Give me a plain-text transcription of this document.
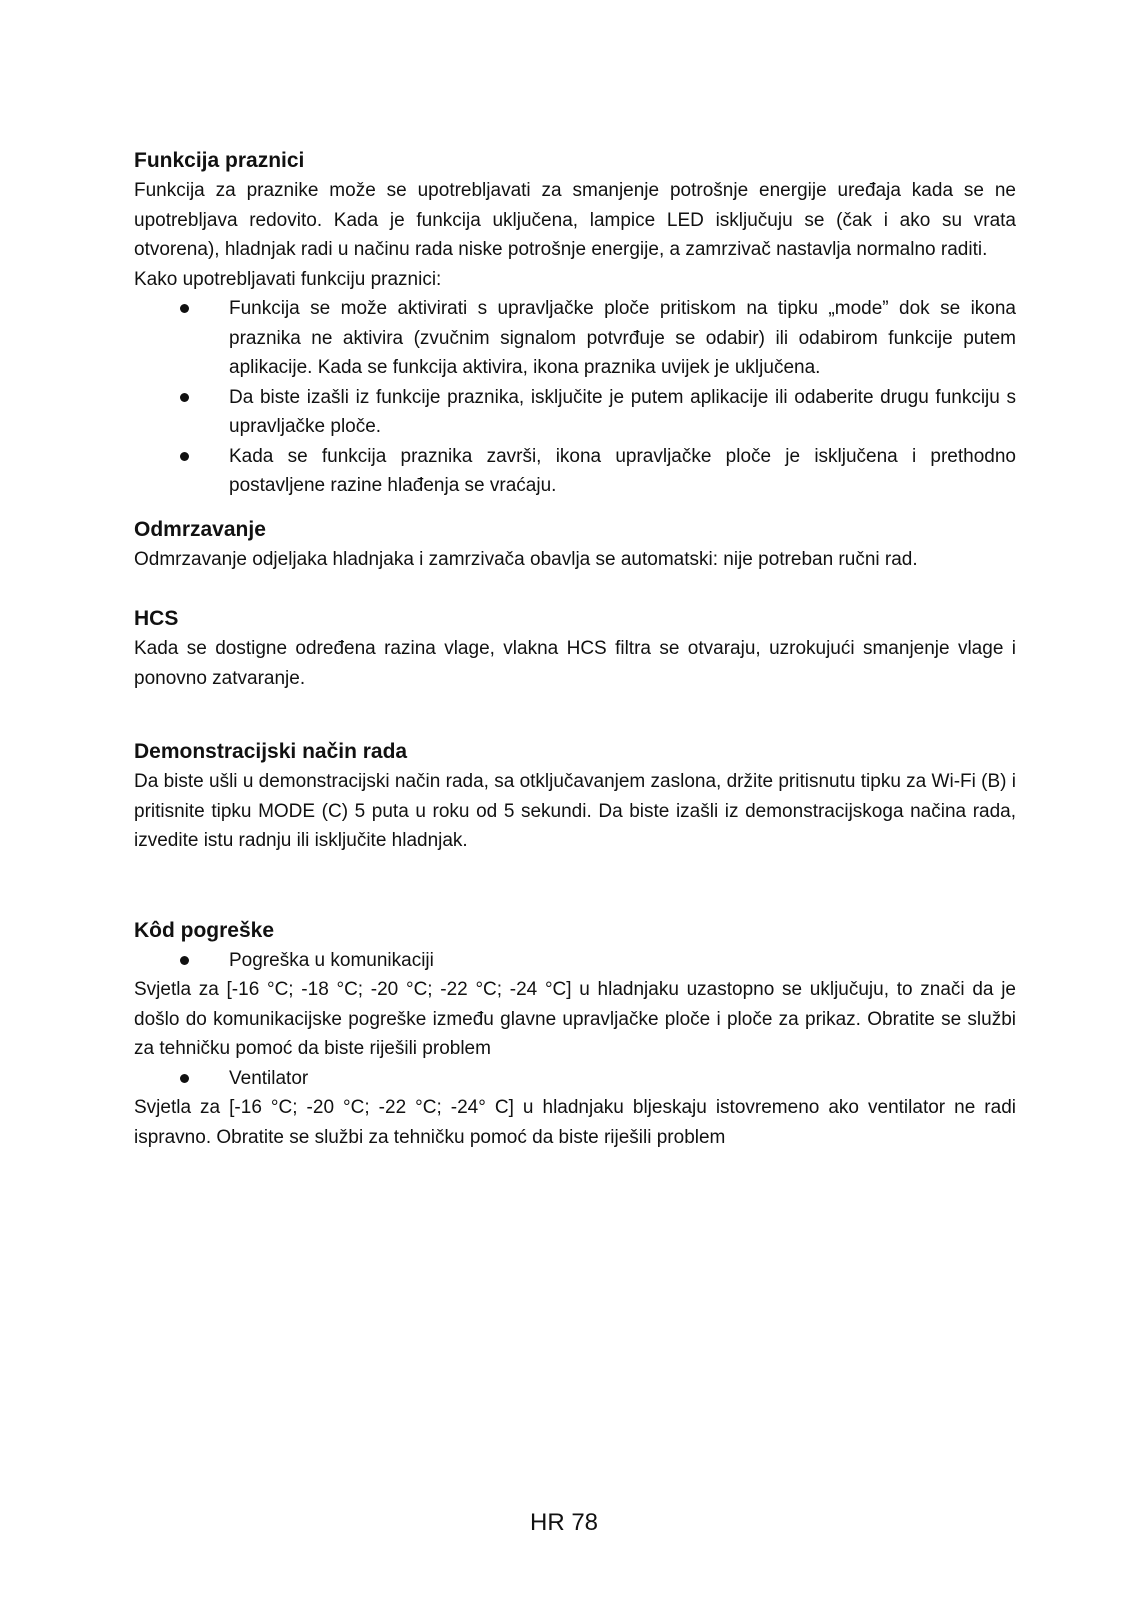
Funkcija praznici

Funkcija za praznike može se upotrebljavati za smanjenje potrošnje energije uređaja kada se ne upotrebljava redovito. Kada je funkcija uključena, lampice LED isključuju se (čak i ako su vrata otvorena), hladnjak radi u načinu rada niske potrošnje energije, a zamrzivač nastavlja normalno raditi.

Kako upotrebljavati funkciju praznici:

Funkcija se može aktivirati s upravljačke ploče pritiskom na tipku „mode” dok se ikona praznika ne aktivira (zvučnim signalom potvrđuje se odabir) ili odabirom funkcije putem aplikacije. Kada se funkcija aktivira, ikona praznika uvijek je uključena.
Da biste izašli iz funkcije praznika, isključite je putem aplikacije ili odaberite drugu funkciju s upravljačke ploče.
Kada se funkcija praznika završi, ikona upravljačke ploče je isključena i prethodno postavljene razine hlađenja se vraćaju.
Odmrzavanje

Odmrzavanje odjeljaka hladnjaka i zamrzivača obavlja se automatski: nije potreban ručni rad.

HCS

Kada se dostigne određena razina vlage, vlakna HCS filtra se otvaraju, uzrokujući smanjenje vlage i ponovno zatvaranje.

Demonstracijski način rada

Da biste ušli u demonstracijski način rada, sa otključavanjem zaslona, držite pritisnutu tipku za Wi-Fi (B) i pritisnite tipku MODE (C) 5 puta u roku od 5 sekundi. Da biste izašli iz demonstracijskoga načina rada, izvedite istu radnju ili isključite hladnjak.

Kôd pogreške
Pogreška u komunikaciji

Svjetla za [-16 °C; -18 °C; -20 °C; -22 °C; -24 °C] u hladnjaku uzastopno se uključuju, to znači da je došlo do komunikacijske pogreške između glavne upravljačke ploče i ploče za prikaz. Obratite se službi za tehničku pomoć da biste riješili problem

Ventilator

Svjetla za [-16 °C; -20 °C; -22 °C; -24° C] u hladnjaku bljeskaju istovremeno ako ventilator ne radi ispravno. Obratite se službi za tehničku pomoć da biste riješili problem

HR 78
